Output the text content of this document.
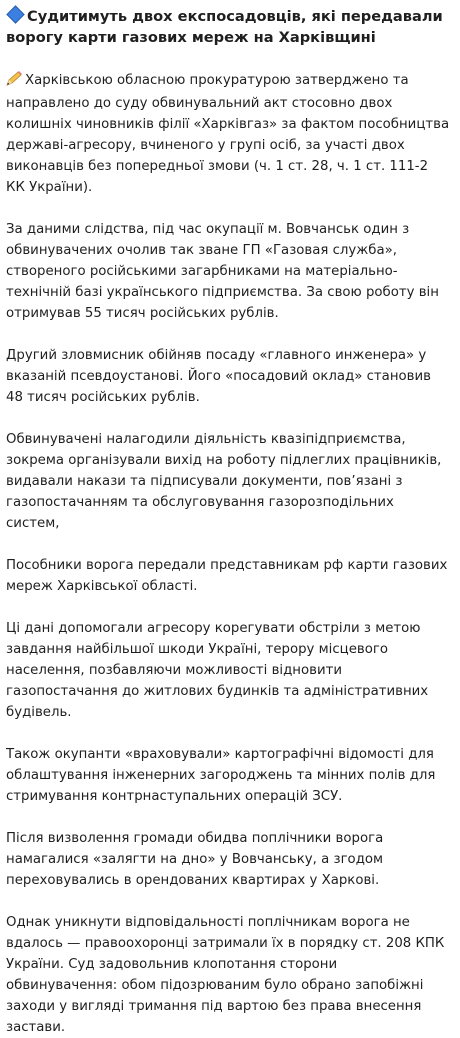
Судитимуть двох експосадовців, які передавали ворогу карти газових мереж на Харківщині

Харківською обласною прокуратурою затверджено та направлено до суду обвинувальний акт стосовно двох колишніх чиновників філії «Харківгаз» за фактом пособництва державі-агресору, вчиненого у групі осіб, за участі двох виконавців без попередньої змови (ч. 1 ст. 28, ч. 1 ст. 111-2 КК України).

За даними слідства, під час окупації м. Вовчанськ один з обвинувачених очолив так зване ГП «Газовая служба», створеного російськими загарбниками на матеріально-технічній базі українського підприємства. За свою роботу він отримував 55 тисяч російських рублів.

Другий зловмисник обійняв посаду «главного инженера» у вказаній псевдоустанові. Його «посадовий оклад» становив 48 тисяч російських рублів.

Обвинувачені налагодили діяльність квазіпідприємства, зокрема організували вихід на роботу підлеглих працівників, видавали накази та підписували документи, пов’язані з газопостачанням та обслуговування газорозподільних систем,

Пособники ворога передали представникам рф карти газових мереж Харківської області.

Ці дані допомогали агресору корегувати обстріли з метою завдання найбільшої шкоди Україні, терору місцевого населення, позбавляючи можливості відновити газопостачання до житлових будинків та адміністративних будівель.

Також окупанти «враховували» картографічні відомості для облаштування інженерних загороджень та мінних полів для стримування контрнаступальних операцій ЗСУ.

Після визволення громади обидва поплічники ворога намагалися «залягти на дно» у Вовчанську, а згодом переховувались в орендованих квартирах у Харкові.

Однак уникнути відповідальності поплічникам ворога не вдалось — правоохоронці затримали їх в порядку ст. 208 КПК України. Суд задовольнив клопотання сторони обвинувачення: обом підозрюваним було обрано запобіжні заходи у вигляді тримання під вартою без права внесення застави.
